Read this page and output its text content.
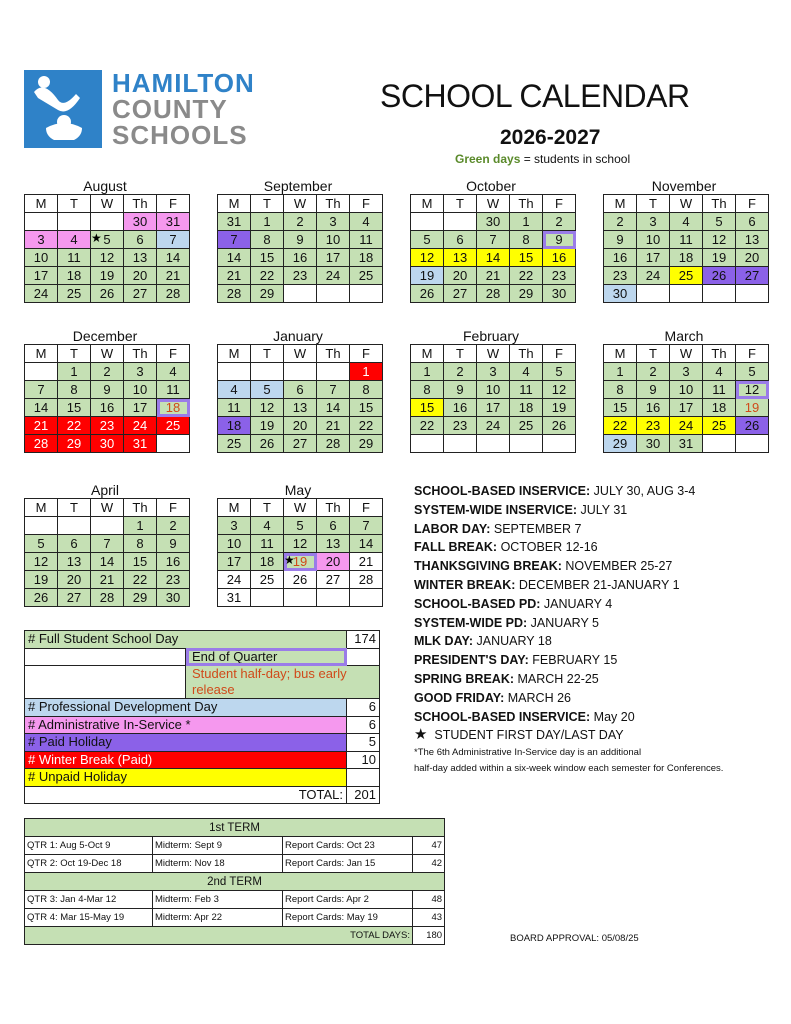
HAMILTON
COUNTY
SCHOOLS
SCHOOL CALENDAR
2026-2027
Green days = students in school
August
M	T	W	Th	F
			30	31
3	4	★ 5	6	7
10	11	12	13	14
17	18	19	20	21
24	25	26	27	28
September
M	T	W	Th	F
31	1	2	3	4
7	8	9	10	11
14	15	16	17	18
21	22	23	24	25
28	29			
October
M	T	W	Th	F
		30	1	2
5	6	7	8	9
12	13	14	15	16
19	20	21	22	23
26	27	28	29	30
November
M	T	W	Th	F
2	3	4	5	6
9	10	11	12	13
16	17	18	19	20
23	24	25	26	27
30				
December
M	T	W	Th	F
	1	2	3	4
7	8	9	10	11
14	15	16	17	18
21	22	23	24	25
28	29	30	31	
January
M	T	W	Th	F
				1
4	5	6	7	8
11	12	13	14	15
18	19	20	21	22
25	26	27	28	29
February
M	T	W	Th	F
1	2	3	4	5
8	9	10	11	12
15	16	17	18	19
22	23	24	25	26

March
M	T	W	Th	F
1	2	3	4	5
8	9	10	11	12
15	16	17	18	19
22	23	24	25	26
29	30	31		
April
M	T	W	Th	F
			1	2
5	6	7	8	9
12	13	14	15	16
19	20	21	22	23
26	27	28	29	30
May
M	T	W	Th	F
3	4	5	6	7
10	11	12	13	14
17	18	★ 19	20	21
24	25	26	27	28
31				
# Full Student School Day		174
	End of Quarter	
	Student half-day; bus early release	
# Professional Development Day		6
# Administrative In-Service *		6
# Paid Holiday		5
# Winter Break (Paid)		10
# Unpaid Holiday		
TOTAL:		201
SCHOOL-BASED INSERVICE: JULY 30, AUG 3-4
SYSTEM-WIDE INSERVICE: JULY 31
LABOR DAY: SEPTEMBER 7
FALL BREAK: OCTOBER 12-16
THANKSGIVING BREAK: NOVEMBER 25-27
WINTER BREAK: DECEMBER 21-JANUARY 1
SCHOOL-BASED PD: JANUARY 4
SYSTEM-WIDE PD: JANUARY 5
MLK DAY: JANUARY 18
PRESIDENT'S DAY: FEBRUARY 15
SPRING BREAK: MARCH 22-25
GOOD FRIDAY: MARCH 26
SCHOOL-BASED INSERVICE: May 20
★ STUDENT FIRST DAY/LAST DAY
*The 6th Administrative In-Service day is an additional
half-day added within a six-week window each semester for Conferences.
1st TERM			
QTR 1: Aug 5-Oct 9	Midterm: Sept 9	Report Cards: Oct 23	47
QTR 2: Oct 19-Dec 18	Midterm: Nov 18	Report Cards: Jan 15	42
2nd TERM			
QTR 3: Jan 4-Mar 12	Midterm: Feb 3	Report Cards: Apr 2	48
QTR 4: Mar 15-May 19	Midterm: Apr 22	Report Cards: May 19	43
TOTAL DAYS:			180	BOARD APPROVAL: 05/08/25
